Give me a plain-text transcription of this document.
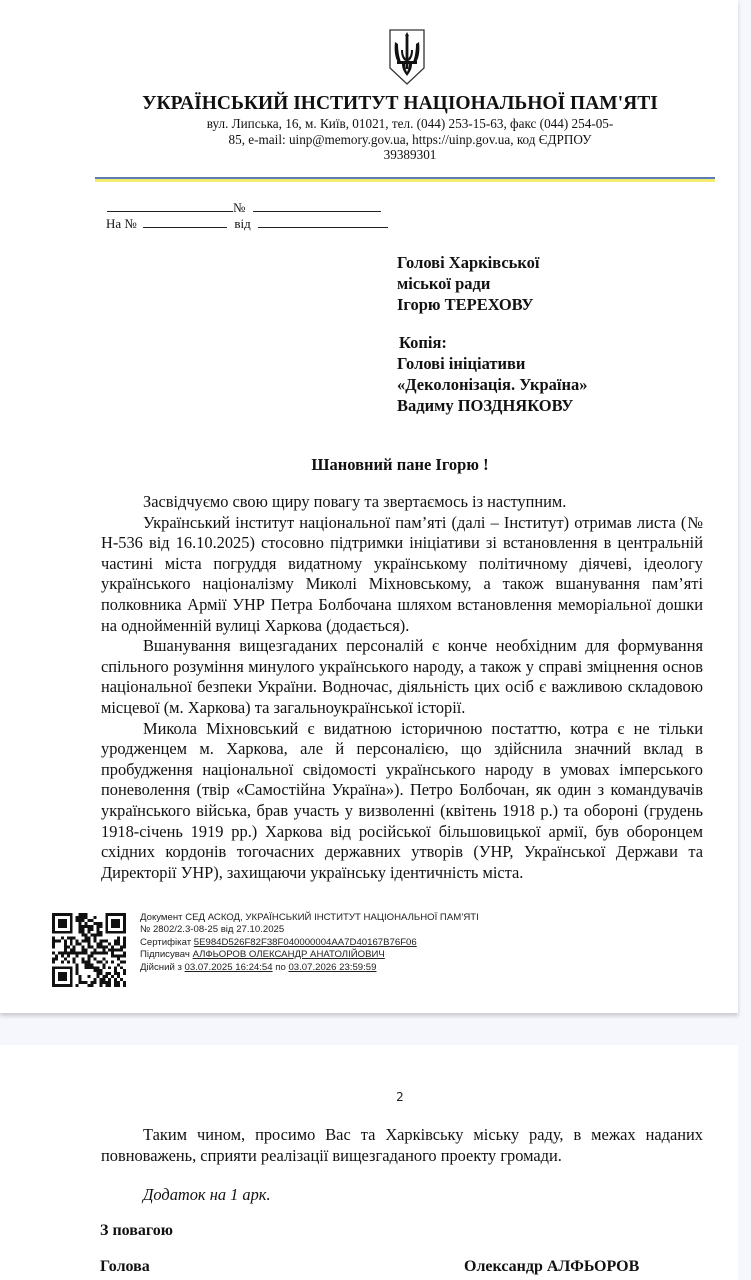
УКРАЇНСЬКИЙ ІНСТИТУТ НАЦІОНАЛЬНОЇ ПАМ'ЯТІ
вул. Липська, 16, м. Київ, 01021, тел. (044) 253-15-63, факс (044) 254-05-
85, e-mail: uinp@memory.gov.ua, https://uinp.gov.ua, код ЄДРПОУ
39389301
№
На №	від
Голові Харківської
міської ради
Ігорю ТЕРЕХОВУ
Копія:
Голові ініціативи
«Деколонізація. Україна»
Вадиму ПОЗДНЯКОВУ
Шановний пане Ігорю !

Засвідчуємо свою щиру повагу та звертаємось із наступним.

Український інститут національної пам’яті (далі – Інститут) отримав листа (№ Н-536 від 16.10.2025) стосовно підтримки ініціативи зі встановлення в центральній частині міста погруддя видатному українському політичному діячеві, ідеологу українського націоналізму Миколі Міхновському, а також вшанування пам’яті полковника Армії УНР Петра Болбочана шляхом встановлення меморіальної дошки на однойменній вулиці Харкова (додається).

Вшанування вищезгаданих персоналій є конче необхідним для формування спільного розуміння минулого українського народу, а також у справі зміцнення основ національної безпеки України. Водночас, діяльність цих осіб є важливою складовою місцевої (м. Харкова) та загальноукраїнської історії.

Микола Міхновський є видатною історичною постаттю, котра є не тільки уродженцем м. Харкова, але й персоналією, що здійснила значний вклад в пробудження національної свідомості українського народу в умовах імперського поневолення (твір «Самостійна Україна»). Петро Болбочан, як один з командувачів українського війська, брав участь у визволенні (квітень 1918 р.) та обороні (грудень 1918-січень 1919 рр.) Харкова від російської більшовицької армії, був оборонцем східних кордонів тогочасних державних утворів (УНР, Української Держави та Директорії УНР), захищаючи українську ідентичність міста.

Документ СЕД АСКОД, УКРАЇНСЬКИЙ ІНСТИТУТ НАЦІОНАЛЬНОЇ ПАМ’ЯТІ
№ 2802/2.3-08-25 від 27.10.2025
Сертифікат 5E984D526F82F38F040000004AA7D40167B76F06
Підписувач АЛФЬОРОВ ОЛЕКСАНДР АНАТОЛІЙОВИЧ
Дійсний з 03.07.2025 16:24:54 по 03.07.2026 23:59:59
2
Таким чином, просимо Вас та Харківську міську раду, в межах наданих повноважень, сприяти реалізації вищезгаданого проекту громади.
Додаток на 1 арк.
З повагою
Голова	Олександр АЛФЬОРОВ
